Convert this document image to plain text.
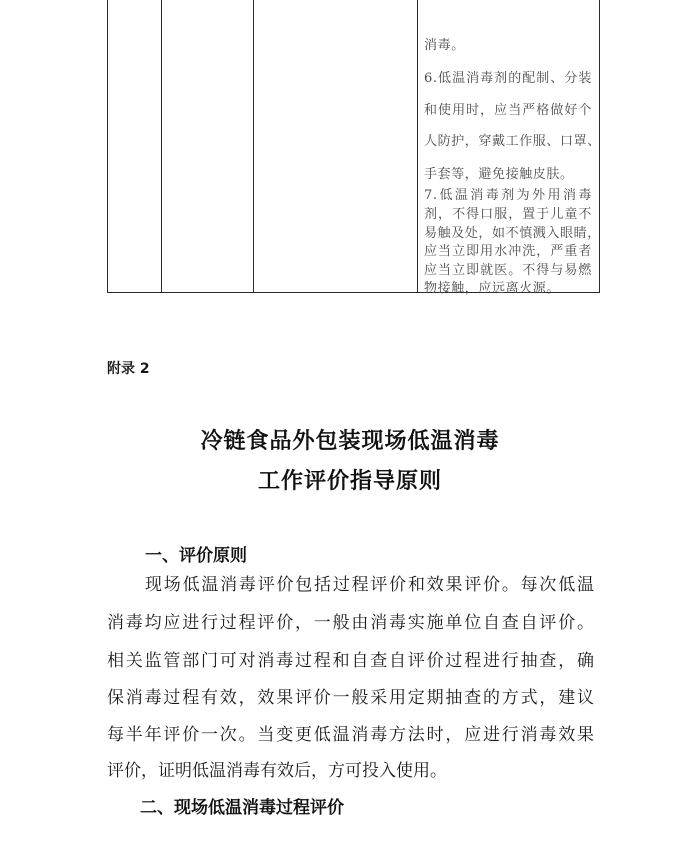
消毒。
6.低温消毒剂的配制、分装
和使用时，应当严格做好个
人防护，穿戴工作服、口罩、
手套等，避免接触皮肤。
7.低温消毒剂为外用消毒
剂，不得口服，置于儿童不
易触及处，如不慎溅入眼睛，
应当立即用水冲洗，严重者
应当立即就医。不得与易燃
物接触，应远离火源。
附录 2
冷链食品外包装现场低温消毒
工作评价指导原则
一、评价原则
现场低温消毒评价包括过程评价和效果评价。每次低温
消毒均应进行过程评价，一般由消毒实施单位自查自评价。
相关监管部门可对消毒过程和自查自评价过程进行抽查，确
保消毒过程有效，效果评价一般采用定期抽查的方式，建议
每半年评价一次。当变更低温消毒方法时，应进行消毒效果
评价，证明低温消毒有效后，方可投入使用。
二、现场低温消毒过程评价
